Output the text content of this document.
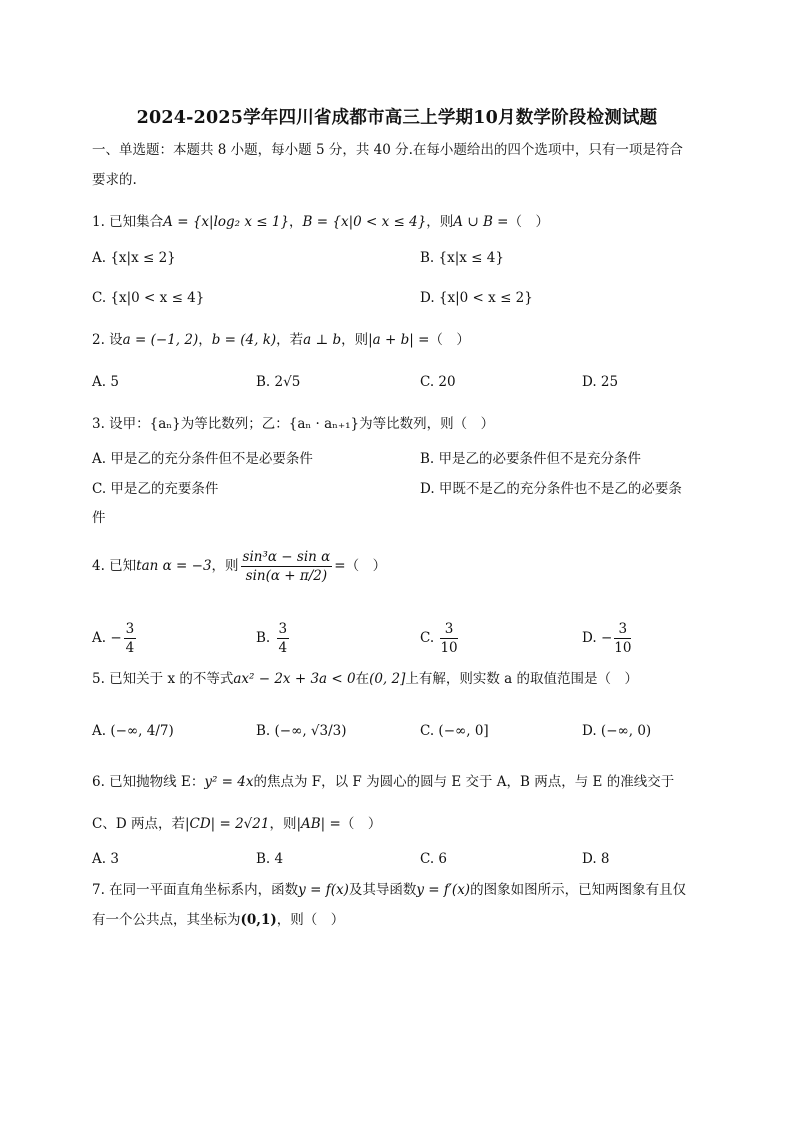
2024-2025学年四川省成都市高三上学期10月数学阶段检测试题
一、单选题：本题共 8 小题，每小题 5 分，共 40 分.在每小题给出的四个选项中，只有一项是符合
要求的.
1. 已知集合A = {x|log₂ x ≤ 1}，B = {x|0 < x ≤ 4}，则A ∪ B =（　）
A. {x|x ≤ 2}	B. {x|x ≤ 4}
C. {x|0 < x ≤ 4}	D. {x|0 < x ≤ 2}
2. 设a = (−1, 2)，b = (4, k)，若a ⊥ b，则|a + b| =（　）
A. 5	B. 2√5	C. 20	D. 25
3. 设甲：{aₙ}为等比数列；乙：{aₙ · aₙ₊₁}为等比数列，则（　）
A. 甲是乙的充分条件但不是必要条件	B. 甲是乙的必要条件但不是充分条件
C. 甲是乙的充要条件	D. 甲既不是乙的充分条件也不是乙的必要条
件
4. 已知tan α = −3，则 $\frac{\text{sin³α − sin α}}{\sin(\alpha + \pi/2)}$ =（　）
A. − $\frac{3}{4}$	B. $\frac{3}{4}$	C. $\frac{3}{10}$	D. − $\frac{3}{10}$
5. 已知关于 x 的不等式ax² − 2x + 3a < 0在(0, 2]上有解，则实数 a 的取值范围是（　）
A. (−∞, 4/7)	B. (−∞, √3/3)	C. (−∞, 0]	D. (−∞, 0)
6. 已知抛物线 E：y² = 4x的焦点为 F，以 F 为圆心的圆与 E 交于 A，B 两点，与 E 的准线交于
C、D 两点，若|CD| = 2√21，则|AB| =（　）
A. 3	B. 4	C. 6	D. 8
7. 在同一平面直角坐标系内，函数y = f(x)及其导函数y = f′(x)的图象如图所示，已知两图象有且仅
有一个公共点，其坐标为(0,1)，则（　）
